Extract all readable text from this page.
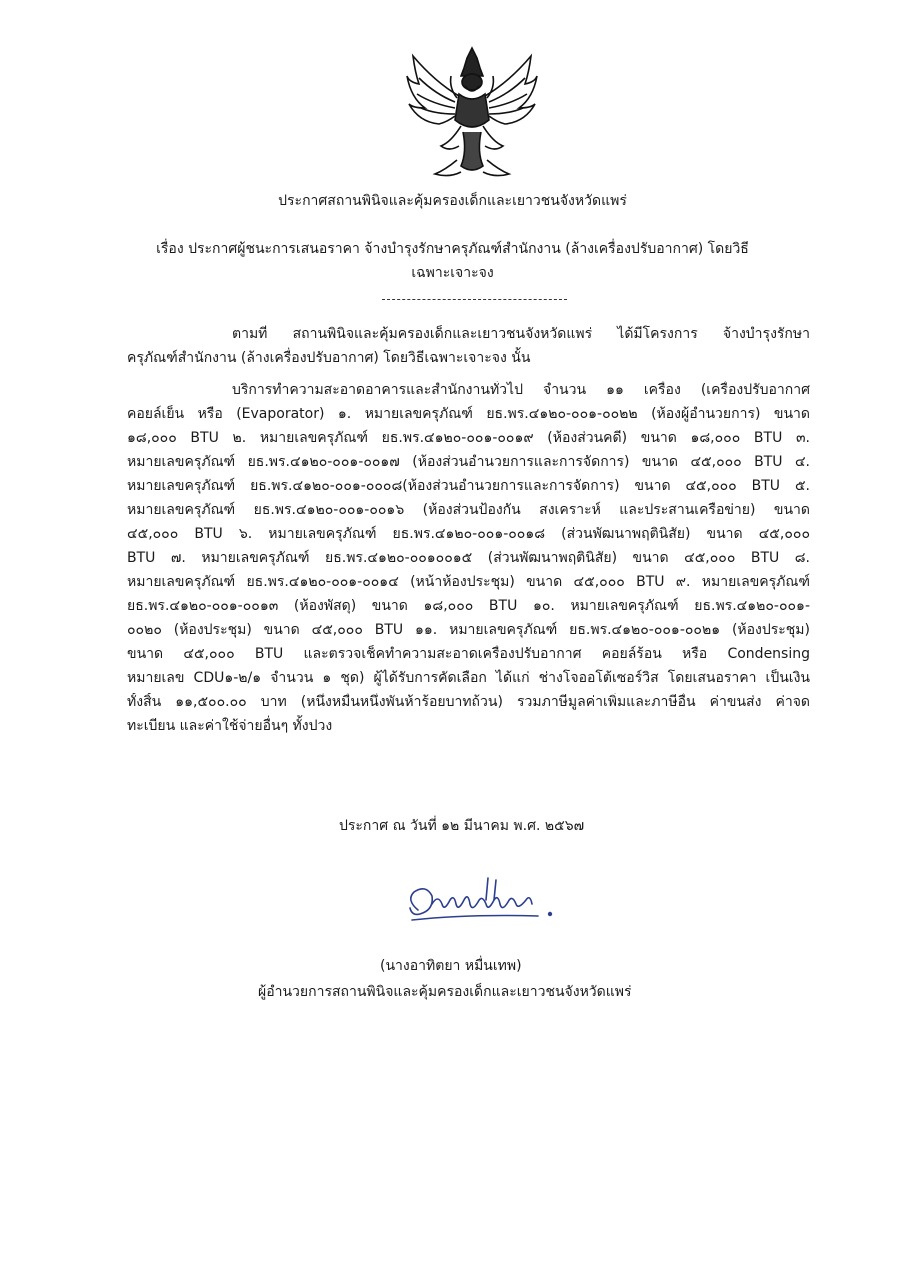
ประกาศสถานพินิจและคุ้มครองเด็กและเยาวชนจังหวัดแพร่
เรื่อง ประกาศผู้ชนะการเสนอราคา จ้างบำรุงรักษาครุภัณฑ์สำนักงาน (ล้างเครื่องปรับอากาศ) โดยวิธี
เฉพาะเจาะจง
ตามที่ สถานพินิจและคุ้มครองเด็กและเยาวชนจังหวัดแพร่ ได้มีโครงการ จ้างบำรุงรักษา
ครุภัณฑ์สำนักงาน (ล้างเครื่องปรับอากาศ) โดยวิธีเฉพาะเจาะจง นั้น
บริการทำความสะอาดอาคารและสำนักงานทั่วไป จำนวน ๑๑ เครื่อง (เครื่องปรับอากาศ
คอยล์เย็น หรือ (Evaporator) ๑. หมายเลขครุภัณฑ์ ยธ.พร.๔๑๒๐-๐๐๑-๐๐๒๒ (ห้องผู้อำนวยการ) ขนาด
๑๘,๐๐๐ BTU ๒. หมายเลขครุภัณฑ์ ยธ.พร.๔๑๒๐-๐๐๑-๐๐๑๙ (ห้องส่วนคดี) ขนาด ๑๘,๐๐๐ BTU ๓.
หมายเลขครุภัณฑ์ ยธ.พร.๔๑๒๐-๐๐๑-๐๐๑๗ (ห้องส่วนอำนวยการและการจัดการ) ขนาด ๔๕,๐๐๐ BTU ๔.
หมายเลขครุภัณฑ์ ยธ.พร.๔๑๒๐-๐๐๑-๐๐๐๘(ห้องส่วนอำนวยการและการจัดการ) ขนาด ๔๕,๐๐๐ BTU ๕.
หมายเลขครุภัณฑ์ ยธ.พร.๔๑๒๐-๐๐๑-๐๐๑๖ (ห้องส่วนป้องกัน สงเคราะห์ และประสานเครือข่าย) ขนาด
๔๕,๐๐๐ BTU ๖. หมายเลขครุภัณฑ์ ยธ.พร.๔๑๒๐-๐๐๑-๐๐๑๘ (ส่วนพัฒนาพฤตินิสัย) ขนาด ๔๕,๐๐๐
BTU ๗. หมายเลขครุภัณฑ์ ยธ.พร.๔๑๒๐-๐๐๑๐๐๑๕ (ส่วนพัฒนาพฤตินิสัย) ขนาด ๔๕,๐๐๐ BTU ๘.
หมายเลขครุภัณฑ์ ยธ.พร.๔๑๒๐-๐๐๑-๐๐๑๔ (หน้าห้องประชุม) ขนาด ๔๕,๐๐๐ BTU ๙. หมายเลขครุภัณฑ์
ยธ.พร.๔๑๒๐-๐๐๑-๐๐๑๓ (ห้องพัสดุ) ขนาด ๑๘,๐๐๐ BTU ๑๐. หมายเลขครุภัณฑ์ ยธ.พร.๔๑๒๐-๐๐๑-
๐๐๒๐ (ห้องประชุม) ขนาด ๔๕,๐๐๐ BTU ๑๑. หมายเลขครุภัณฑ์ ยธ.พร.๔๑๒๐-๐๐๑-๐๐๒๑ (ห้องประชุม)
ขนาด ๔๕,๐๐๐ BTU และตรวจเช็คทำความสะอาดเครื่องปรับอากาศ คอยล์ร้อน หรือ Condensing
หมายเลข CDU๑-๒/๑ จำนวน ๑ ชุด) ผู้ได้รับการคัดเลือก ได้แก่ ช่างโจออโต้เซอร์วิส โดยเสนอราคา เป็นเงิน
ทั้งสิ้น ๑๑,๕๐๐.๐๐ บาท (หนึ่งหมื่นหนึ่งพันห้าร้อยบาทถ้วน) รวมภาษีมูลค่าเพิ่มและภาษีอื่น ค่าขนส่ง ค่าจด
ทะเบียน และค่าใช้จ่ายอื่นๆ ทั้งปวง
ประกาศ ณ วันที่ ๑๒ มีนาคม พ.ศ. ๒๕๖๗
(นางอาทิตยา หมื่นเทพ)
ผู้อำนวยการสถานพินิจและคุ้มครองเด็กและเยาวชนจังหวัดแพร่
